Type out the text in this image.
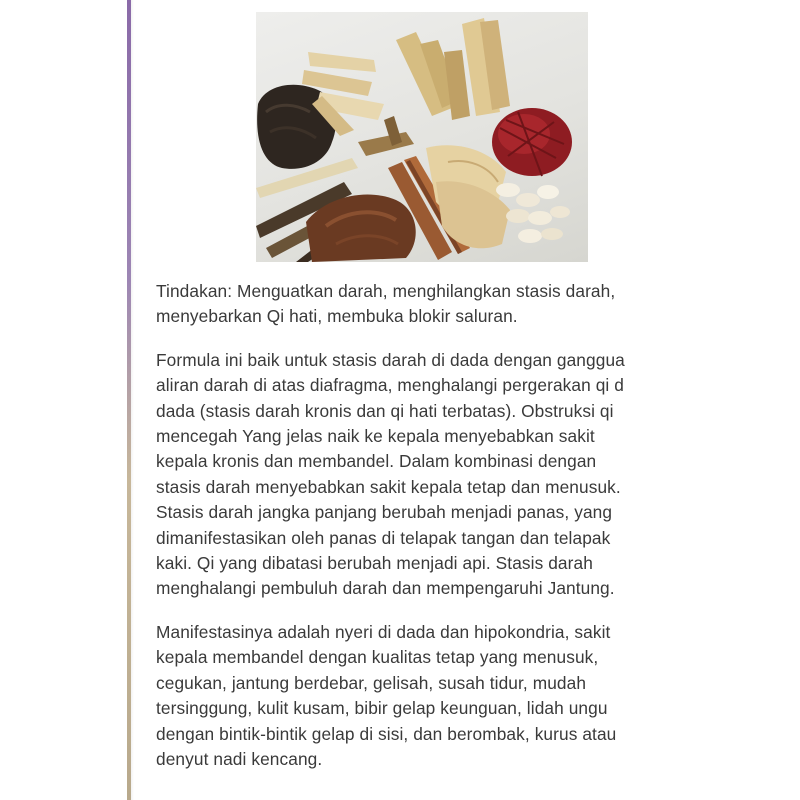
Tindakan: Menguatkan darah, menghilangkan stasis darah,
menyebarkan Qi hati, membuka blokir saluran.

Formula ini baik untuk stasis darah di dada dengan ganggua
aliran darah di atas diafragma, menghalangi pergerakan qi d
dada (stasis darah kronis dan qi hati terbatas). Obstruksi qi
mencegah Yang jelas naik ke kepala menyebabkan sakit
kepala kronis dan membandel. Dalam kombinasi dengan
stasis darah menyebabkan sakit kepala tetap dan menusuk.
Stasis darah jangka panjang berubah menjadi panas, yang
dimanifestasikan oleh panas di telapak tangan dan telapak
kaki. Qi yang dibatasi berubah menjadi api. Stasis darah
menghalangi pembuluh darah dan mempengaruhi Jantung.

Manifestasinya adalah nyeri di dada dan hipokondria, sakit
kepala membandel dengan kualitas tetap yang menusuk,
cegukan, jantung berdebar, gelisah, susah tidur, mudah
tersinggung, kulit kusam, bibir gelap keunguan, lidah ungu
dengan bintik-bintik gelap di sisi, dan berombak, kurus atau
denyut nadi kencang.
